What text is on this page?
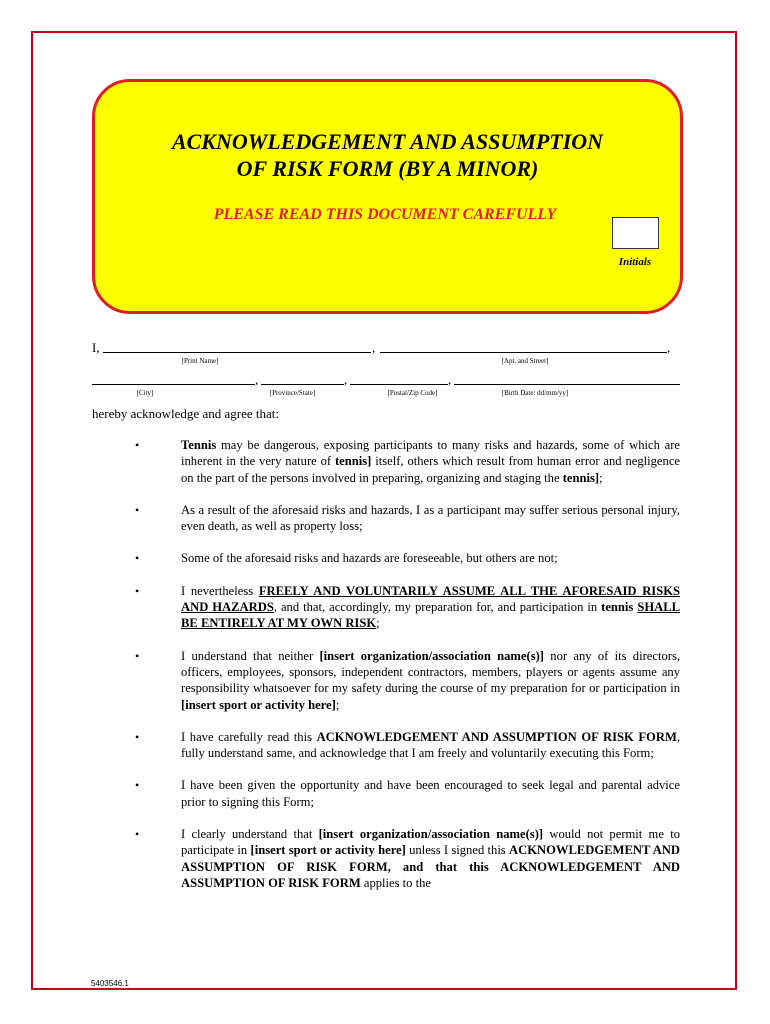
ACKNOWLEDGEMENT AND ASSUMPTION
OF RISK FORM (BY A MINOR)
PLEASE READ THIS DOCUMENT CAREFULLY
Initials
I,	,	,
[Print Name]	[Apt. and Street]
,	,	,
[City]	[Province/State]	[Postal/Zip Code]	[Birth Date: dd/mm/yy]
hereby acknowledge and agree that:
•	Tennis may be dangerous, exposing participants to many risks and hazards, some of which are inherent in the very nature of tennis] itself, others which result from human error and negligence on the part of the persons involved in preparing, organizing and staging the tennis];
•	As a result of the aforesaid risks and hazards, I as a participant may suffer serious personal injury, even death, as well as property loss;
•	Some of the aforesaid risks and hazards are foreseeable, but others are not;
•	I nevertheless FREELY AND VOLUNTARILY ASSUME ALL THE AFORESAID RISKS AND HAZARDS, and that, accordingly, my preparation for, and participation in tennis SHALL BE ENTIRELY AT MY OWN RISK;
•	I understand that neither [insert organization/association name(s)] nor any of its directors, officers, employees, sponsors, independent contractors, members, players or agents assume any responsibility whatsoever for my safety during the course of my preparation for or participation in [insert sport or activity here];
•	I have carefully read this ACKNOWLEDGEMENT AND ASSUMPTION OF RISK FORM, fully understand same, and acknowledge that I am freely and voluntarily executing this Form;
•	I have been given the opportunity and have been encouraged to seek legal and parental advice prior to signing this Form;
•	I clearly understand that [insert organization/association name(s)] would not permit me to participate in [insert sport or activity here] unless I signed this ACKNOWLEDGEMENT AND ASSUMPTION OF RISK FORM, and that this ACKNOWLEDGEMENT AND ASSUMPTION OF RISK FORM applies to the
5403546.1
